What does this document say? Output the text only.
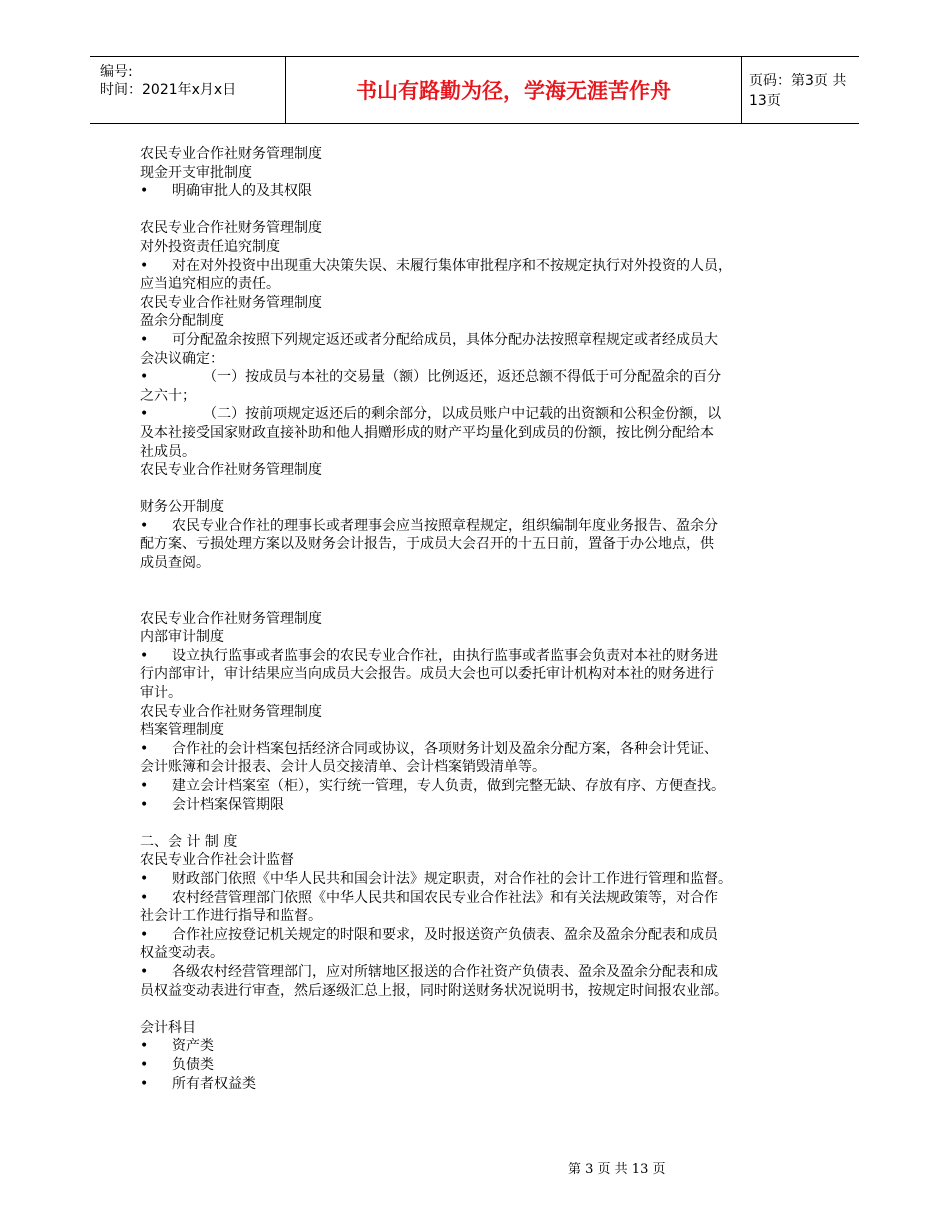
编号:
时间：2021年x月x日	书山有路勤为径，学海无涯苦作舟	页码：第3页 共13页
农民专业合作社财务管理制度
现金开支审批制度
• 明确审批人的及其权限
农民专业合作社财务管理制度
对外投资责任追究制度
• 对在对外投资中出现重大决策失误、未履行集体审批程序和不按规定执行对外投资的人员，
应当追究相应的责任。
农民专业合作社财务管理制度
盈余分配制度
• 可分配盈余按照下列规定返还或者分配给成员，具体分配办法按照章程规定或者经成员大
会决议确定：
•       （一）按成员与本社的交易量（额）比例返还，返还总额不得低于可分配盈余的百分
之六十；
•       （二）按前项规定返还后的剩余部分，以成员账户中记载的出资额和公积金份额，以
及本社接受国家财政直接补助和他人捐赠形成的财产平均量化到成员的份额，按比例分配给本
社成员。
农民专业合作社财务管理制度
财务公开制度
• 农民专业合作社的理事长或者理事会应当按照章程规定，组织编制年度业务报告、盈余分
配方案、亏损处理方案以及财务会计报告，于成员大会召开的十五日前，置备于办公地点，供
成员查阅。
农民专业合作社财务管理制度
内部审计制度
• 设立执行监事或者监事会的农民专业合作社，由执行监事或者监事会负责对本社的财务进
行内部审计，审计结果应当向成员大会报告。成员大会也可以委托审计机构对本社的财务进行
审计。
农民专业合作社财务管理制度
档案管理制度
• 合作社的会计档案包括经济合同或协议，各项财务计划及盈余分配方案，各种会计凭证、
会计账簿和会计报表、会计人员交接清单、会计档案销毁清单等。
• 建立会计档案室（柜），实行统一管理，专人负责，做到完整无缺、存放有序、方便查找。
• 会计档案保管期限
二、会 计 制 度
农民专业合作社会计监督
• 财政部门依照《中华人民共和国会计法》规定职责，对合作社的会计工作进行管理和监督。
• 农村经营管理部门依照《中华人民共和国农民专业合作社法》和有关法规政策等，对合作
社会计工作进行指导和监督。
• 合作社应按登记机关规定的时限和要求，及时报送资产负债表、盈余及盈余分配表和成员
权益变动表。
• 各级农村经营管理部门，应对所辖地区报送的合作社资产负债表、盈余及盈余分配表和成
员权益变动表进行审查，然后逐级汇总上报，同时附送财务状况说明书，按规定时间报农业部。
会计科目
• 资产类
• 负债类
• 所有者权益类
第 3 页 共 13 页
